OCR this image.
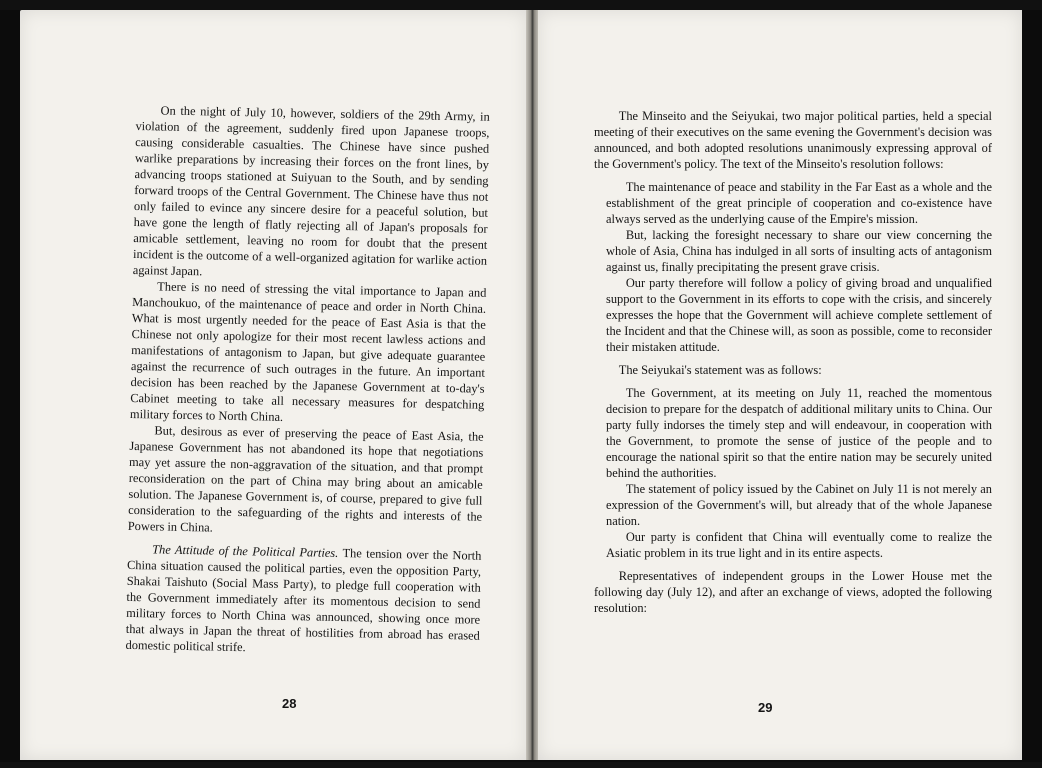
On the night of July 10, however, soldiers of the 29th Army, in violation of the agreement, suddenly fired upon Japanese troops, causing considerable casualties. The Chinese have since pushed warlike preparations by increasing their forces on the front lines, by advancing troops stationed at Suiyuan to the South, and by sending forward troops of the Central Government. The Chinese have thus not only failed to evince any sincere desire for a peaceful solution, but have gone the length of flatly rejecting all of Japan's proposals for amicable settlement, leaving no room for doubt that the present incident is the outcome of a well-organized agitation for warlike action against Japan.

There is no need of stressing the vital importance to Japan and Manchoukuo, of the maintenance of peace and order in North China. What is most urgently needed for the peace of East Asia is that the Chinese not only apologize for their most recent lawless actions and manifestations of antagonism to Japan, but give adequate guarantee against the recurrence of such outrages in the future. An important decision has been reached by the Japanese Government at to-day's Cabinet meeting to take all necessary measures for despatching military forces to North China.

But, desirous as ever of preserving the peace of East Asia, the Japanese Government has not abandoned its hope that negotiations may yet assure the non-aggravation of the situation, and that prompt reconsideration on the part of China may bring about an amicable solution. The Japanese Government is, of course, prepared to give full consideration to the safeguarding of the rights and interests of the Powers in China.

The Attitude of the Political Parties. The tension over the North China situation caused the political parties, even the opposition Party, Shakai Taishuto (Social Mass Party), to pledge full cooperation with the Government immediately after its momentous decision to send military forces to North China was announced, showing once more that always in Japan the threat of hostilities from abroad has erased domestic political strife.

28

The Minseito and the Seiyukai, two major political parties, held a special meeting of their executives on the same evening the Government's decision was announced, and both adopted resolutions unanimously expressing approval of the Government's policy. The text of the Minseito's resolution follows:

The maintenance of peace and stability in the Far East as a whole and the establishment of the great principle of cooperation and co-existence have always served as the underlying cause of the Empire's mission.

But, lacking the foresight necessary to share our view concerning the whole of Asia, China has indulged in all sorts of insulting acts of antagonism against us, finally precipitating the present grave crisis.

Our party therefore will follow a policy of giving broad and unqualified support to the Government in its efforts to cope with the crisis, and sincerely expresses the hope that the Government will achieve complete settlement of the Incident and that the Chinese will, as soon as possible, come to reconsider their mistaken attitude.

The Seiyukai's statement was as follows:

The Government, at its meeting on July 11, reached the momentous decision to prepare for the despatch of additional military units to China. Our party fully indorses the timely step and will endeavour, in cooperation with the Government, to promote the sense of justice of the people and to encourage the national spirit so that the entire nation may be securely united behind the authorities.

The statement of policy issued by the Cabinet on July 11 is not merely an expression of the Government's will, but already that of the whole Japanese nation.

Our party is confident that China will eventually come to realize the Asiatic problem in its true light and in its entire aspects.

Representatives of independent groups in the Lower House met the following day (July 12), and after an exchange of views, adopted the following resolution:

29
